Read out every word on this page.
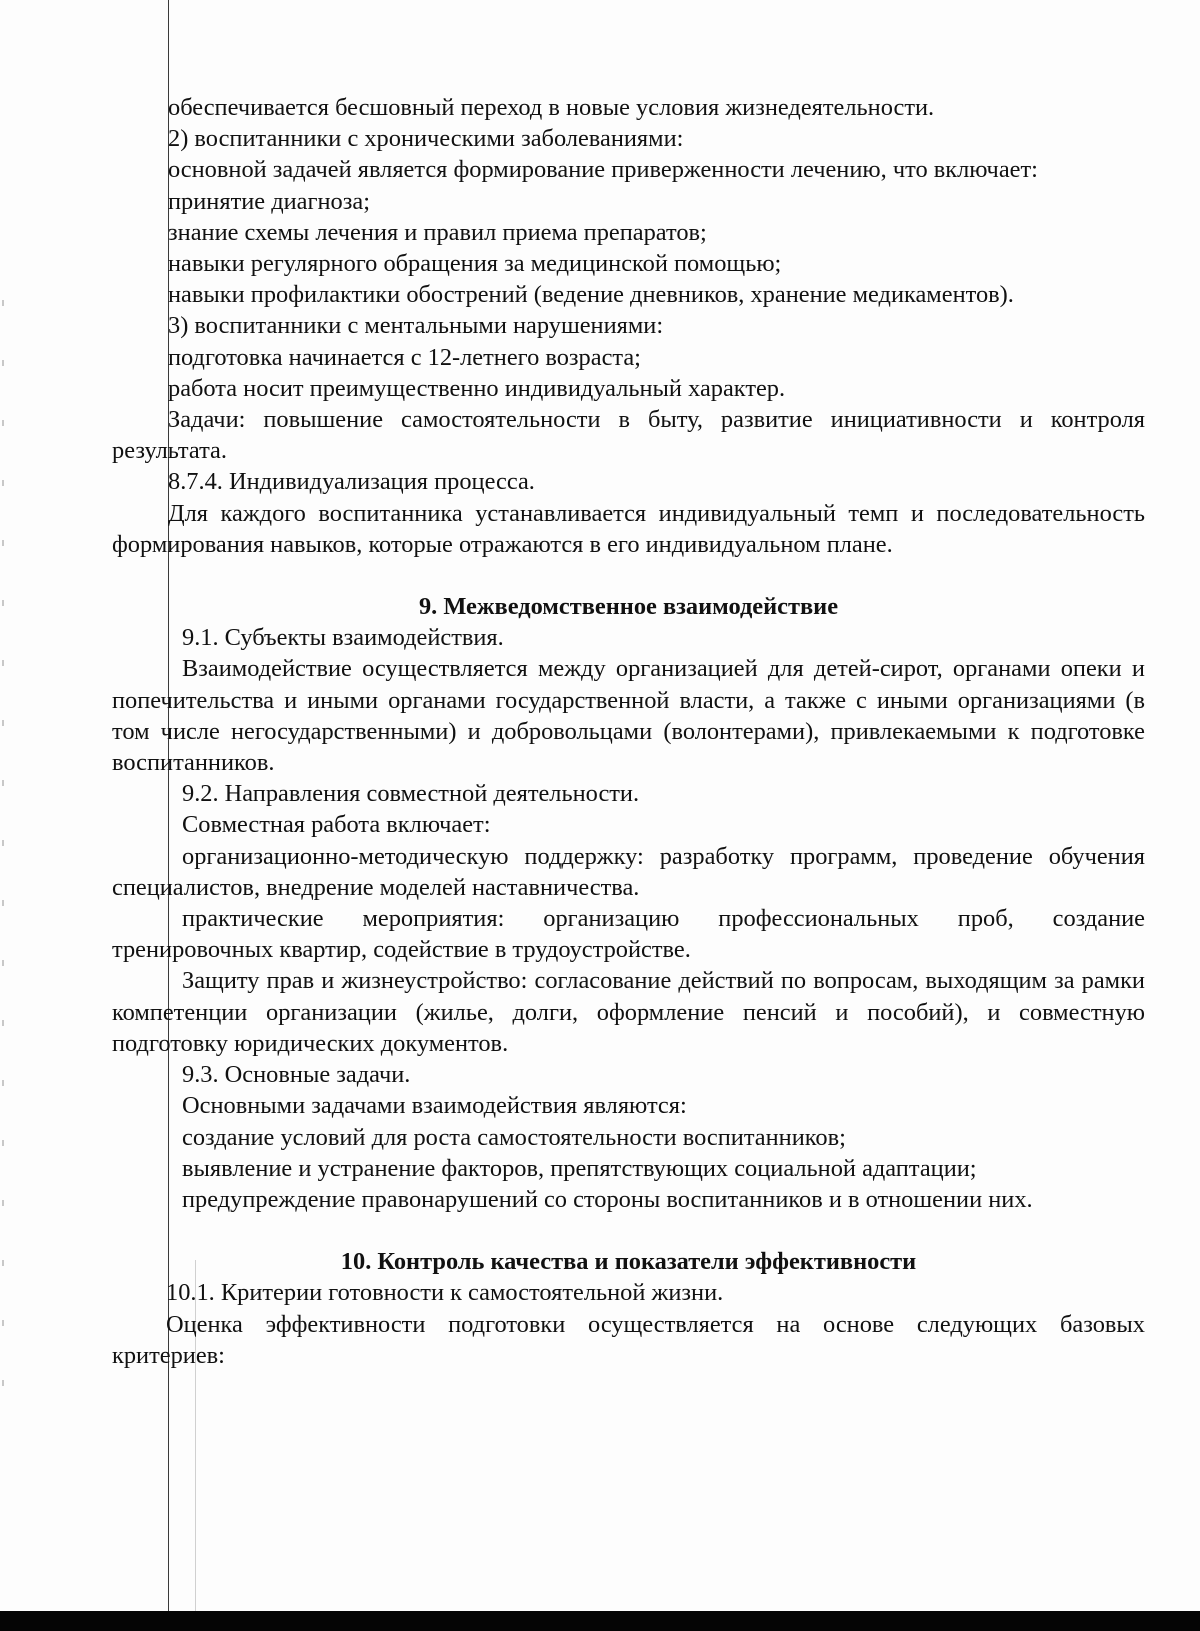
обеспечивается бесшовный переход в новые условия жизнедеятельности.

2) воспитанники с хроническими заболеваниями:

основной задачей является формирование приверженности лечению, что включает:

принятие диагноза;

знание схемы лечения и правил приема препаратов;

навыки регулярного обращения за медицинской помощью;

навыки профилактики обострений (ведение дневников, хранение медикаментов).

3) воспитанники с ментальными нарушениями:

подготовка начинается с 12-летнего возраста;

работа носит преимущественно индивидуальный характер.

Задачи: повышение самостоятельности в быту, развитие инициативности и контроля результата.

8.7.4. Индивидуализация процесса.

Для каждого воспитанника устанавливается индивидуальный темп и последовательность формирования навыков, которые отражаются в его индивидуальном плане.

9. Межведомственное взаимодействие

9.1. Субъекты взаимодействия.

Взаимодействие осуществляется между организацией для детей-сирот, органами опеки и попечительства и иными органами государственной власти, а также с иными организациями (в том числе негосударственными) и добровольцами (волонтерами), привлекаемыми к подготовке воспитанников.

9.2. Направления совместной деятельности.

Совместная работа включает:

организационно-методическую поддержку: разработку программ, проведение обучения специалистов, внедрение моделей наставничества.

практические мероприятия: организацию профессиональных проб, создание тренировочных квартир, содействие в трудоустройстве.

Защиту прав и жизнеустройство: согласование действий по вопросам, выходящим за рамки компетенции организации (жилье, долги, оформление пенсий и пособий), и совместную подготовку юридических документов.

9.3. Основные задачи.

Основными задачами взаимодействия являются:

создание условий для роста самостоятельности воспитанников;

выявление и устранение факторов, препятствующих социальной адаптации;

предупреждение правонарушений со стороны воспитанников и в отношении них.

10. Контроль качества и показатели эффективности

10.1. Критерии готовности к самостоятельной жизни.

Оценка эффективности подготовки осуществляется на основе следующих базовых критериев:
